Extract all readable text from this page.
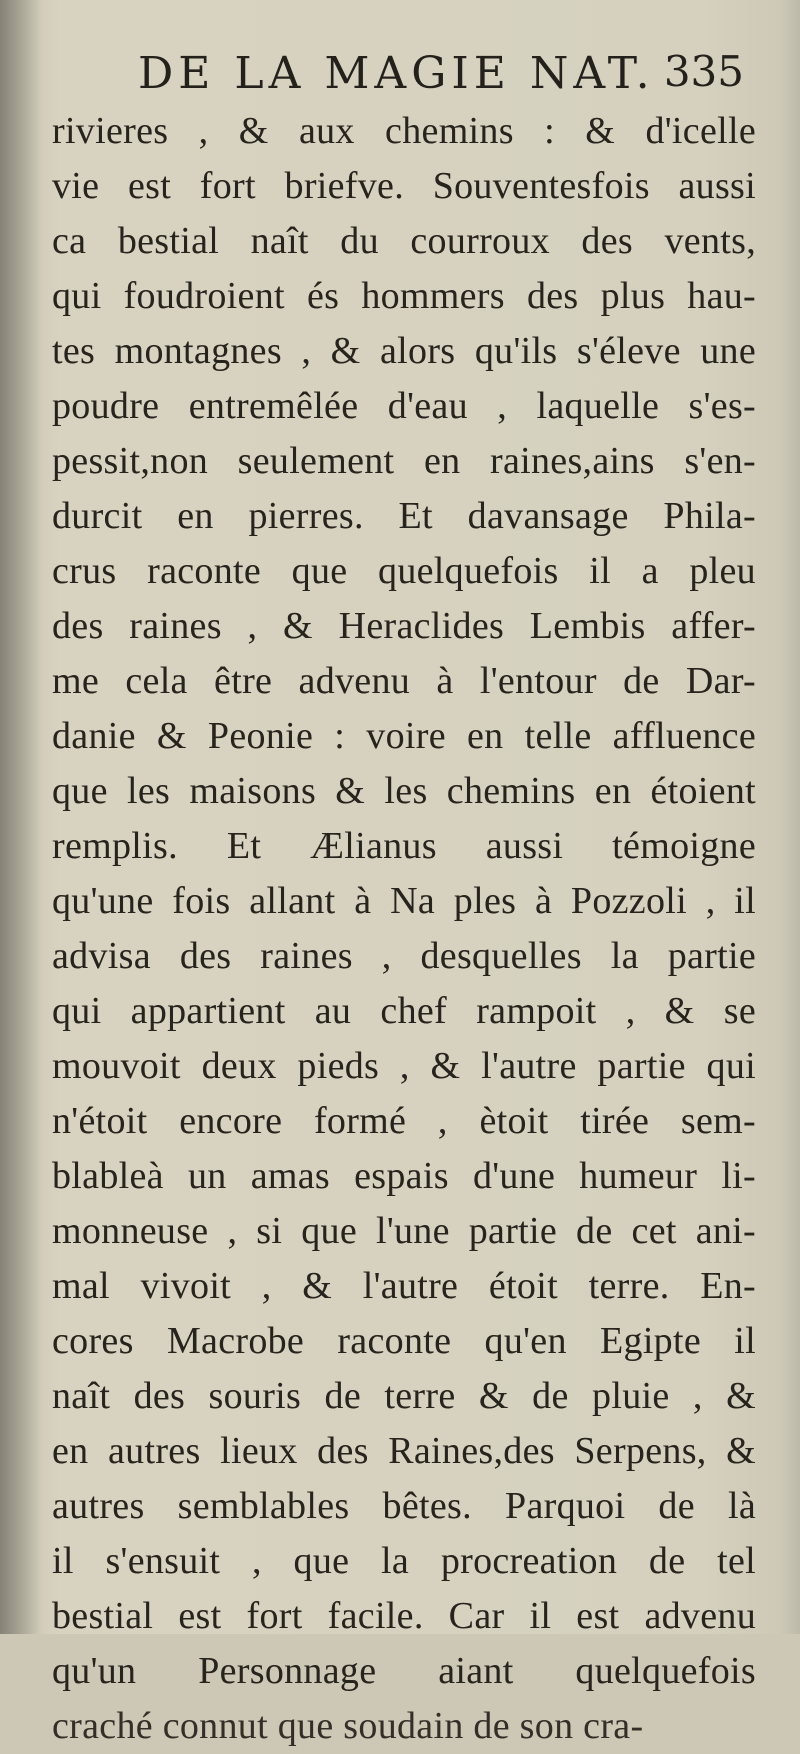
DE LA MAGIE NAT. 335
rivieres , & aux chemins : & d'icelle
vie est fort briefve. Souventesfois aussi
ca bestial naît du courroux des vents,
qui foudroient és hommers des plus hau-
tes montagnes , & alors qu'ils s'éleve une
poudre entremêlée d'eau , laquelle s'es-
pessit,non seulement en raines,ains s'en-
durcit en pierres. Et davansage Phila-
crus raconte que quelquefois il a pleu
des raines , & Heraclides Lembis affer-
me cela être advenu à l'entour de Dar-
danie & Peonie : voire en telle affluence
que les maisons & les chemins en étoient
remplis. Et Ælianus aussi témoigne
qu'une fois allant à Na ples à Pozzoli , il
advisa des raines , desquelles la partie
qui appartient au chef rampoit , & se
mouvoit deux pieds , & l'autre partie qui
n'étoit encore formé , ètoit tirée sem-
blableà un amas espais d'une humeur li-
monneuse , si que l'une partie de cet ani-
mal vivoit , & l'autre étoit terre. En-
cores Macrobe raconte qu'en Egipte il
naît des souris de terre & de pluie , &
en autres lieux des Raines,des Serpens, &
autres semblables bêtes. Parquoi de là
il s'ensuit , que la procreation de tel
bestial est fort facile. Car il est advenu
qu'un Personnage aiant quelquefois
craché connut que soudain de son cra-
